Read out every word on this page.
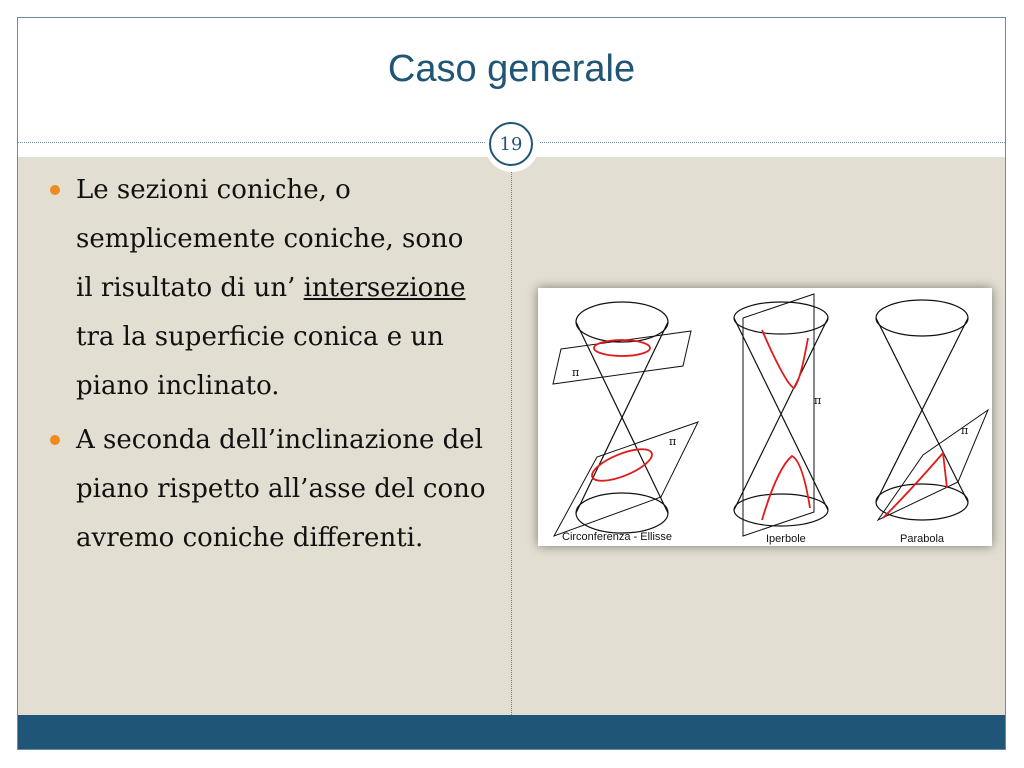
Caso generale
19
Le sezioni coniche, o semplicemente coniche, sono il risultato di un’ intersezione tra la superficie conica e un piano inclinato.
A seconda dell’inclinazione del piano rispetto all’asse del cono avremo coniche differenti.
π
π
π
π
Circonferenza - Ellisse	Iperbole	Parabola
